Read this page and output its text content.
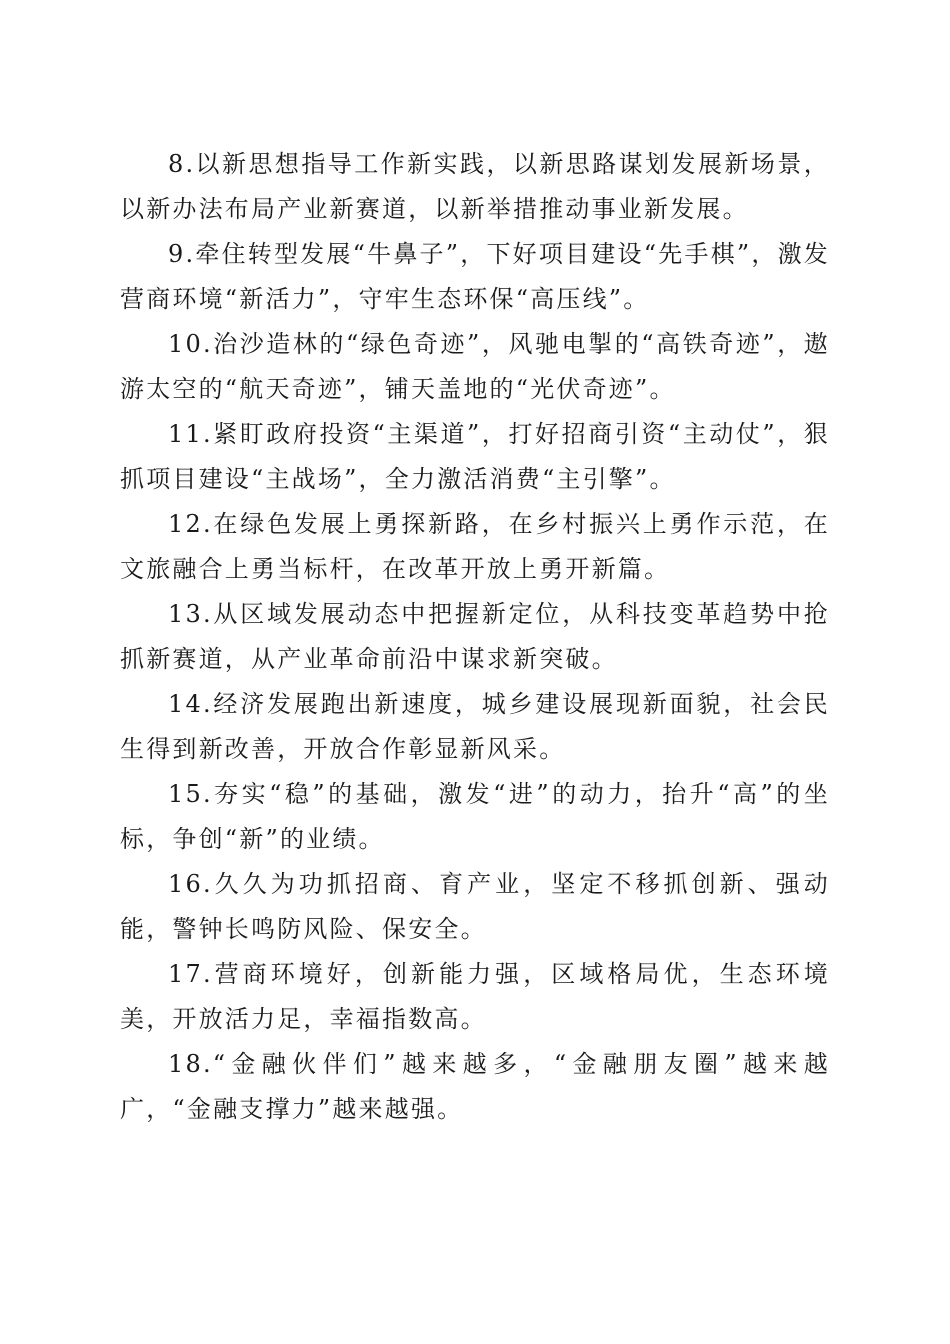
8.以新思想指导工作新实践，以新思路谋划发展新场景，以新办法布局产业新赛道，以新举措推动事业新发展。

9.牵住转型发展“牛鼻子”，下好项目建设“先手棋”，激发营商环境“新活力”，守牢生态环保“高压线”。

10.治沙造林的“绿色奇迹”，风驰电掣的“高铁奇迹”，遨游太空的“航天奇迹”，铺天盖地的“光伏奇迹”。

11.紧盯政府投资“主渠道”，打好招商引资“主动仗”，狠抓项目建设“主战场”，全力激活消费“主引擎”。

12.在绿色发展上勇探新路，在乡村振兴上勇作示范，在文旅融合上勇当标杆，在改革开放上勇开新篇。

13.从区域发展动态中把握新定位，从科技变革趋势中抢抓新赛道，从产业革命前沿中谋求新突破。

14.经济发展跑出新速度，城乡建设展现新面貌，社会民生得到新改善，开放合作彰显新风采。

15.夯实“稳”的基础，激发“进”的动力，抬升“高”的坐标，争创“新”的业绩。

16.久久为功抓招商、育产业，坚定不移抓创新、强动能，警钟长鸣防风险、保安全。

17.营商环境好，创新能力强，区域格局优，生态环境美，开放活力足，幸福指数高。

18.“金融伙伴们”越来越多，“金融朋友圈”越来越广，“金融支撑力”越来越强。
